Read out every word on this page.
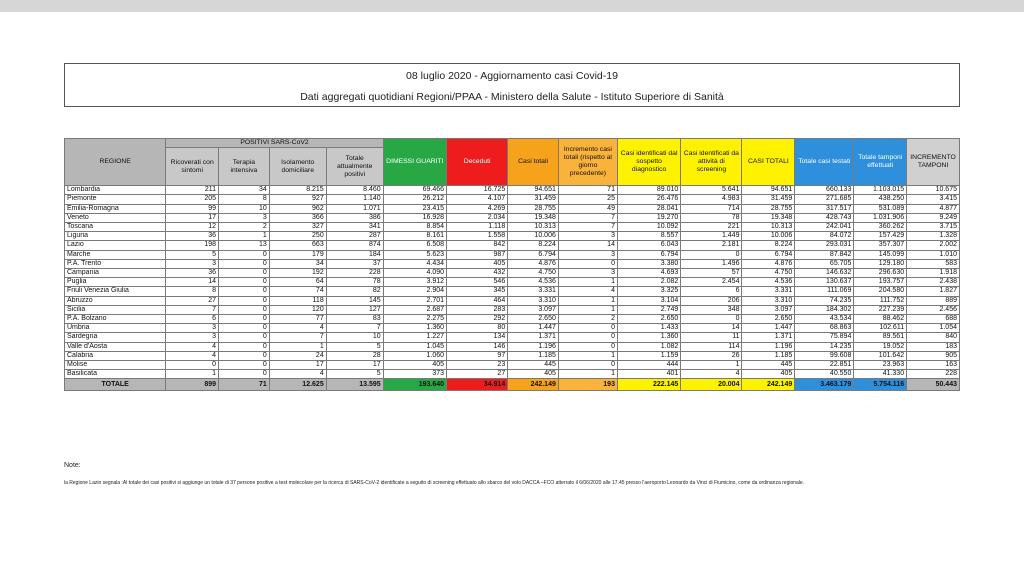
08 luglio 2020 - Aggiornamento casi Covid-19
Dati aggregati quotidiani Regioni/PPAA - Ministero della Salute - Istituto Superiore di Sanità
REGIONE	POSITIVI SARS-CoV2				DIMESSI GUARITI	Deceduti	Casi totali	Incremento casi totali (rispetto al giorno precedente)	Casi identificati dal sospetto diagnostico	Casi identificati da attività di screening	CASI TOTALI	Totale casi testati	Totale tamponi effettuati	INCREMENTO TAMPONI
	Ricoverati con sintomi	Terapia intensiva	Isolamento domiciliare	Totale attualmente positivi										
Lombardia	211	34	8.215	8.460	69.466	16.725	94.651	71	89.010	5.641	94.651	660.133	1.103.015	10.675
Piemonte	205	8	927	1.140	26.212	4.107	31.459	25	26.476	4.983	31.459	271.685	438.250	3.415
Emilia-Romagna	99	10	962	1.071	23.415	4.269	28.755	49	28.041	714	28.755	317.517	531.089	4.877
Veneto	17	3	366	386	16.928	2.034	19.348	7	19.270	78	19.348	428.743	1.031.906	9.249
Toscana	12	2	327	341	8.854	1.118	10.313	7	10.092	221	10.313	242.041	360.262	3.715
Liguria	36	1	250	287	8.161	1.558	10.006	3	8.557	1.449	10.006	84.072	157.429	1.328
Lazio	198	13	663	874	6.508	842	8.224	14	6.043	2.181	8.224	293.031	357.307	2.002
Marche	5	0	179	184	5.623	987	6.794	3	6.794	0	6.794	87.842	145.099	1.010
P.A. Trento	3	0	34	37	4.434	405	4.876	0	3.380	1.496	4.876	65.705	129.180	583
Campania	36	0	192	228	4.090	432	4.750	3	4.693	57	4.750	146.632	296.630	1.918
Puglia	14	0	64	78	3.912	546	4.536	1	2.082	2.454	4.536	130.637	193.757	2.438
Friuli Venezia Giulia	8	0	74	82	2.904	345	3.331	4	3.325	6	3.331	111.069	204.580	1.827
Abruzzo	27	0	118	145	2.701	464	3.310	1	3.104	206	3.310	74.235	111.752	889
Sicilia	7	0	120	127	2.687	283	3.097	1	2.749	348	3.097	184.302	227.239	2.456
P.A. Bolzano	6	0	77	83	2.275	292	2.650	2	2.650	0	2.650	43.534	88.462	688
Umbria	3	0	4	7	1.360	80	1.447	0	1.433	14	1.447	68.863	102.611	1.054
Sardegna	3	0	7	10	1.227	134	1.371	0	1.360	11	1.371	75.894	89.561	840
Valle d'Aosta	4	0	1	5	1.045	146	1.196	0	1.082	114	1.196	14.235	19.052	183
Calabria	4	0	24	28	1.060	97	1.185	1	1.159	26	1.185	99.608	101.642	905
Molise	0	0	17	17	405	23	445	0	444	1	445	22.851	23.963	163
Basilicata	1	0	4	5	373	27	405	1	401	4	405	40.550	41.330	228
TOTALE	899	71	12.625	13.595	193.640	34.914	242.149	193	222.145	20.004	242.149	3.463.179	5.754.116	50.443
Note:
la Regione Lazio segnala :Al totale dei casi positivi si aggiunge un totale di 37 persone positive a test molecolare per la ricerca di SARS-CoV-2 identificate a seguito di screening effettuato allo sbarco del volo DACCA –FCO atterrato il 6/06/2020 alle 17.45 presso l'aeroporto Leonardo da Vinci di Fiumicino, come da ordinanza regionale.
